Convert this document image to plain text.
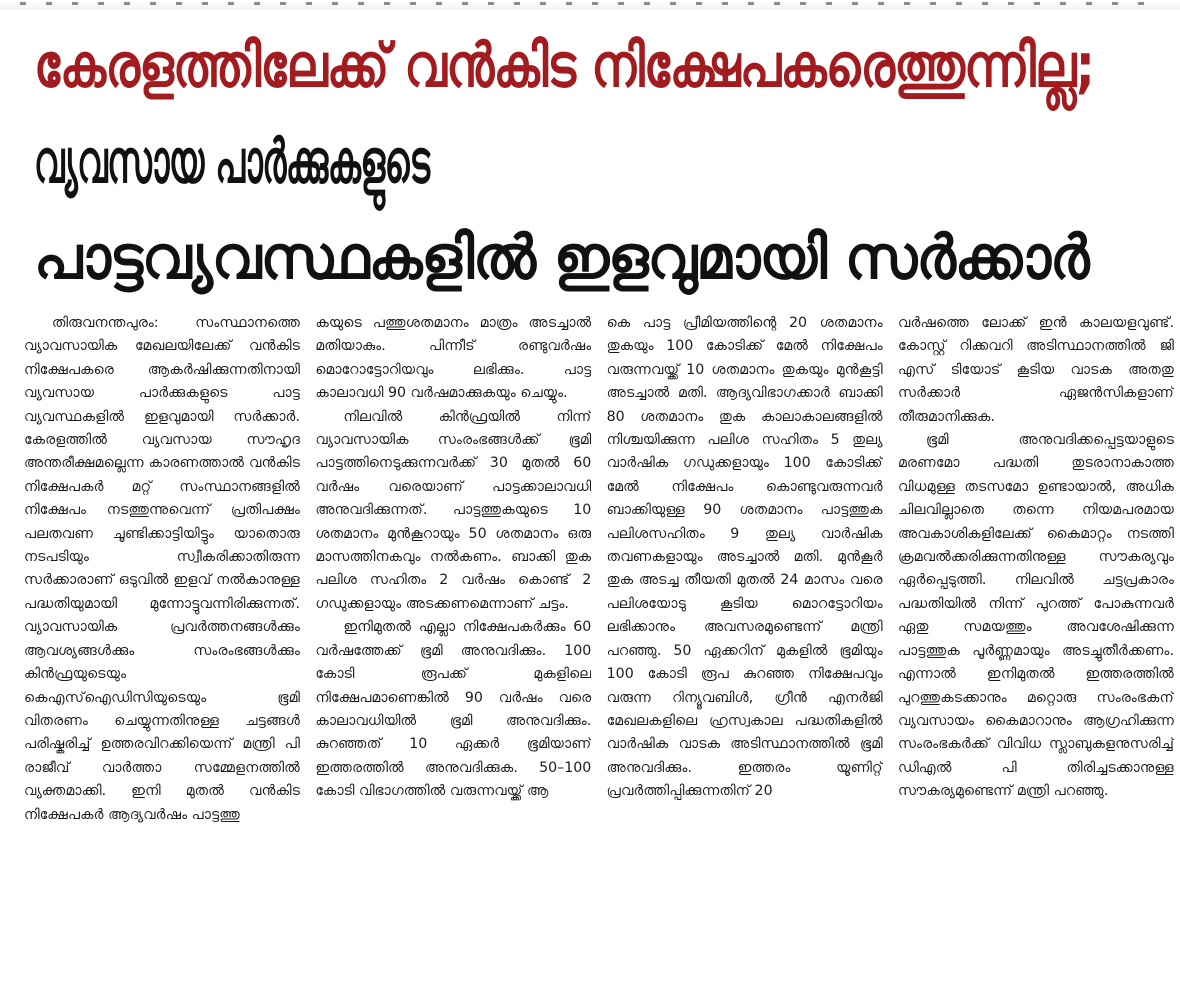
കേരളത്തിലേക്ക് വൻകിട നിക്ഷേപകരെത്തുന്നില്ല;
വ്യവസായ പാർക്കുകളുടെ
പാട്ടവ്യവസ്ഥകളിൽ ഇളവുമായി സർക്കാർ

തിരുവനന്തപുരം: സംസ്ഥാനത്തെ വ്യാവസായിക മേഖലയിലേക്ക് വൻകിട നിക്ഷേപകരെ ആകർഷിക്കുന്നതിനായി വ്യവസായ പാർക്കുകളുടെ പാട്ട വ്യവസ്ഥകളിൽ ഇളവുമായി സർക്കാർ. കേരളത്തിൽ വ്യവസായ സൗഹൃദ അന്തരീക്ഷമല്ലെന്ന കാരണത്താൽ വൻകിട നിക്ഷേപകർ മറ്റ് സംസ്ഥാനങ്ങളിൽ നിക്ഷേപം നടത്തുന്നുവെന്ന് പ്രതിപക്ഷം പലതവണ ചൂണ്ടിക്കാട്ടിയിട്ടും യാതൊരു നടപടിയും സ്വീകരിക്കാതിരുന്ന സർക്കാരാണ് ഒടുവിൽ ഇളവ് നൽകാനുള്ള പദ്ധതിയുമായി മുന്നോട്ടുവന്നിരിക്കുന്നത്. വ്യാവസായിക പ്രവർത്തനങ്ങൾക്കും ആവശ്യങ്ങൾക്കും സംരംഭങ്ങൾക്കും കിൻഫ്രയുടെയും കെഎസ്ഐഡിസിയുടെയും ഭൂമി വിതരണം ചെയ്യുന്നതിനുള്ള ചട്ടങ്ങൾ പരിഷ്കരിച്ച് ഉത്തരവിറക്കിയെന്ന് മന്ത്രി പി രാജീവ് വാർത്താ സമ്മേളനത്തിൽ വ്യക്തമാക്കി. ഇനി മുതൽ വൻകിട നിക്ഷേപകർ ആദ്യവർഷം പാട്ടത്തു

കയുടെ പത്തുശതമാനം മാത്രം അടച്ചാൽ മതിയാകും. പിന്നീട് രണ്ടുവർഷം മൊറോട്ടോറിയവും ലഭിക്കും. പാട്ട കാലാവധി 90 വർഷമാക്കുകയും ചെയ്യും.

നിലവിൽ കിൻഫ്രയിൽ നിന്ന് വ്യാവസായിക സംരംഭങ്ങൾക്ക് ഭൂമി പാട്ടത്തിനെടുക്കുന്നവർക്ക് 30 മുതൽ 60 വർഷം വരെയാണ് പാട്ടക്കാലാവധി അനുവദിക്കുന്നത്. പാട്ടത്തുകയുടെ 10 ശതമാനം മുൻകൂറായും 50 ശതമാനം ഒരു മാസത്തിനകവും നൽകണം. ബാക്കി തുക പലിശ സഹിതം 2 വർഷം കൊണ്ട് 2 ഗഡുക്കളായും അടക്കണമെന്നാണ് ചട്ടം.

ഇനിമുതൽ എല്ലാ നിക്ഷേപകർക്കും 60 വർഷത്തേക്ക് ഭൂമി അനുവദിക്കും. 100 കോടി രൂപക്ക് മുകളിലെ നിക്ഷേപമാണെങ്കിൽ 90 വർഷം വരെ കാലാവധിയിൽ ഭൂമി അനുവദിക്കും. കുറഞ്ഞത് 10 ഏക്കർ ഭൂമിയാണ് ഇത്തരത്തിൽ അനുവദിക്കുക. 50–100 കോടി വിഭാഗത്തിൽ വരുന്നവയ്ക്ക് ആ

കെ പാട്ട പ്രീമിയത്തിന്റെ 20 ശതമാനം തുകയും 100 കോടിക്ക് മേൽ നിക്ഷേപം വരുന്നവയ്ക്ക് 10 ശതമാനം തുകയും മുൻകൂട്ടി അടച്ചാൽ മതി. ആദ്യവിഭാഗക്കാർ ബാക്കി 80 ശതമാനം തുക കാലാകാലങ്ങളിൽ നിശ്ചയിക്കുന്ന പലിശ സഹിതം 5 തുല്യ വാർഷിക ഗഡുക്കളായും 100 കോടിക്ക് മേൽ നിക്ഷേപം കൊണ്ടുവരുന്നവർ ബാക്കിയുള്ള 90 ശതമാനം പാട്ടത്തുക പലിശസഹിതം 9 തുല്യ വാർഷിക തവണകളായും അടച്ചാൽ മതി. മുൻകൂർ തുക അടച്ച തീയതി മുതൽ 24 മാസം വരെ പലിശയോടു കൂടിയ മൊറട്ടോറിയം ലഭിക്കാനും അവസരമുണ്ടെന്ന് മന്ത്രി പറഞ്ഞു. 50 ഏക്കറിന് മുകളിൽ ഭൂമിയും 100 കോടി രൂപ കുറഞ്ഞ നിക്ഷേപവും വരുന്ന റിന്യൂവബിൾ, ഗ്രീൻ എനർജി മേഖലകളിലെ ഹ്രസ്വകാല പദ്ധതികളിൽ വാർഷിക വാടക അടിസ്ഥാനത്തിൽ ഭൂമി അനുവദിക്കും. ഇത്തരം യൂണിറ്റ് പ്രവർത്തിപ്പിക്കുന്നതിന് 20

വർഷത്തെ ലോക്ക് ഇൻ കാലയളവുണ്ട്. കോസ്റ്റ് റിക്കവറി അടിസ്ഥാനത്തിൽ ജി എസ് ടിയോട് കൂടിയ വാടക അതതു സർക്കാർ ഏജൻസികളാണ് തീരുമാനിക്കുക.

ഭൂമി അനുവദിക്കപ്പെട്ടയാളുടെ മരണമോ പദ്ധതി തുടരാനാകാത്ത വിധമുള്ള തടസമോ ഉണ്ടായാൽ, അധിക ചിലവില്ലാതെ തന്നെ നിയമപരമായ അവകാശികളിലേക്ക് കൈമാറ്റം നടത്തി ക്രമവൽക്കരിക്കുന്നതിനുള്ള സൗകര്യവും ഏർപ്പെടുത്തി. നിലവിൽ ചട്ടപ്രകാരം പദ്ധതിയിൽ നിന്ന് പുറത്ത് പോകുന്നവർ ഏതു സമയത്തും അവശേഷിക്കുന്ന പാട്ടത്തുക പൂർണ്ണമായും അടച്ചുതീർക്കണം. എന്നാൽ ഇനിമുതൽ ഇത്തരത്തിൽ പുറത്തുകടക്കാനും മറ്റൊരു സംരംഭകന് വ്യവസായം കൈമാറാനും ആഗ്രഹിക്കുന്ന സംരംഭകർക്ക് വിവിധ സ്ലാബുകളനുസരിച്ച് ഡിഎൽ പി തിരിച്ചടക്കാനുള്ള സൗകര്യമുണ്ടെന്ന് മന്ത്രി പറഞ്ഞു.
